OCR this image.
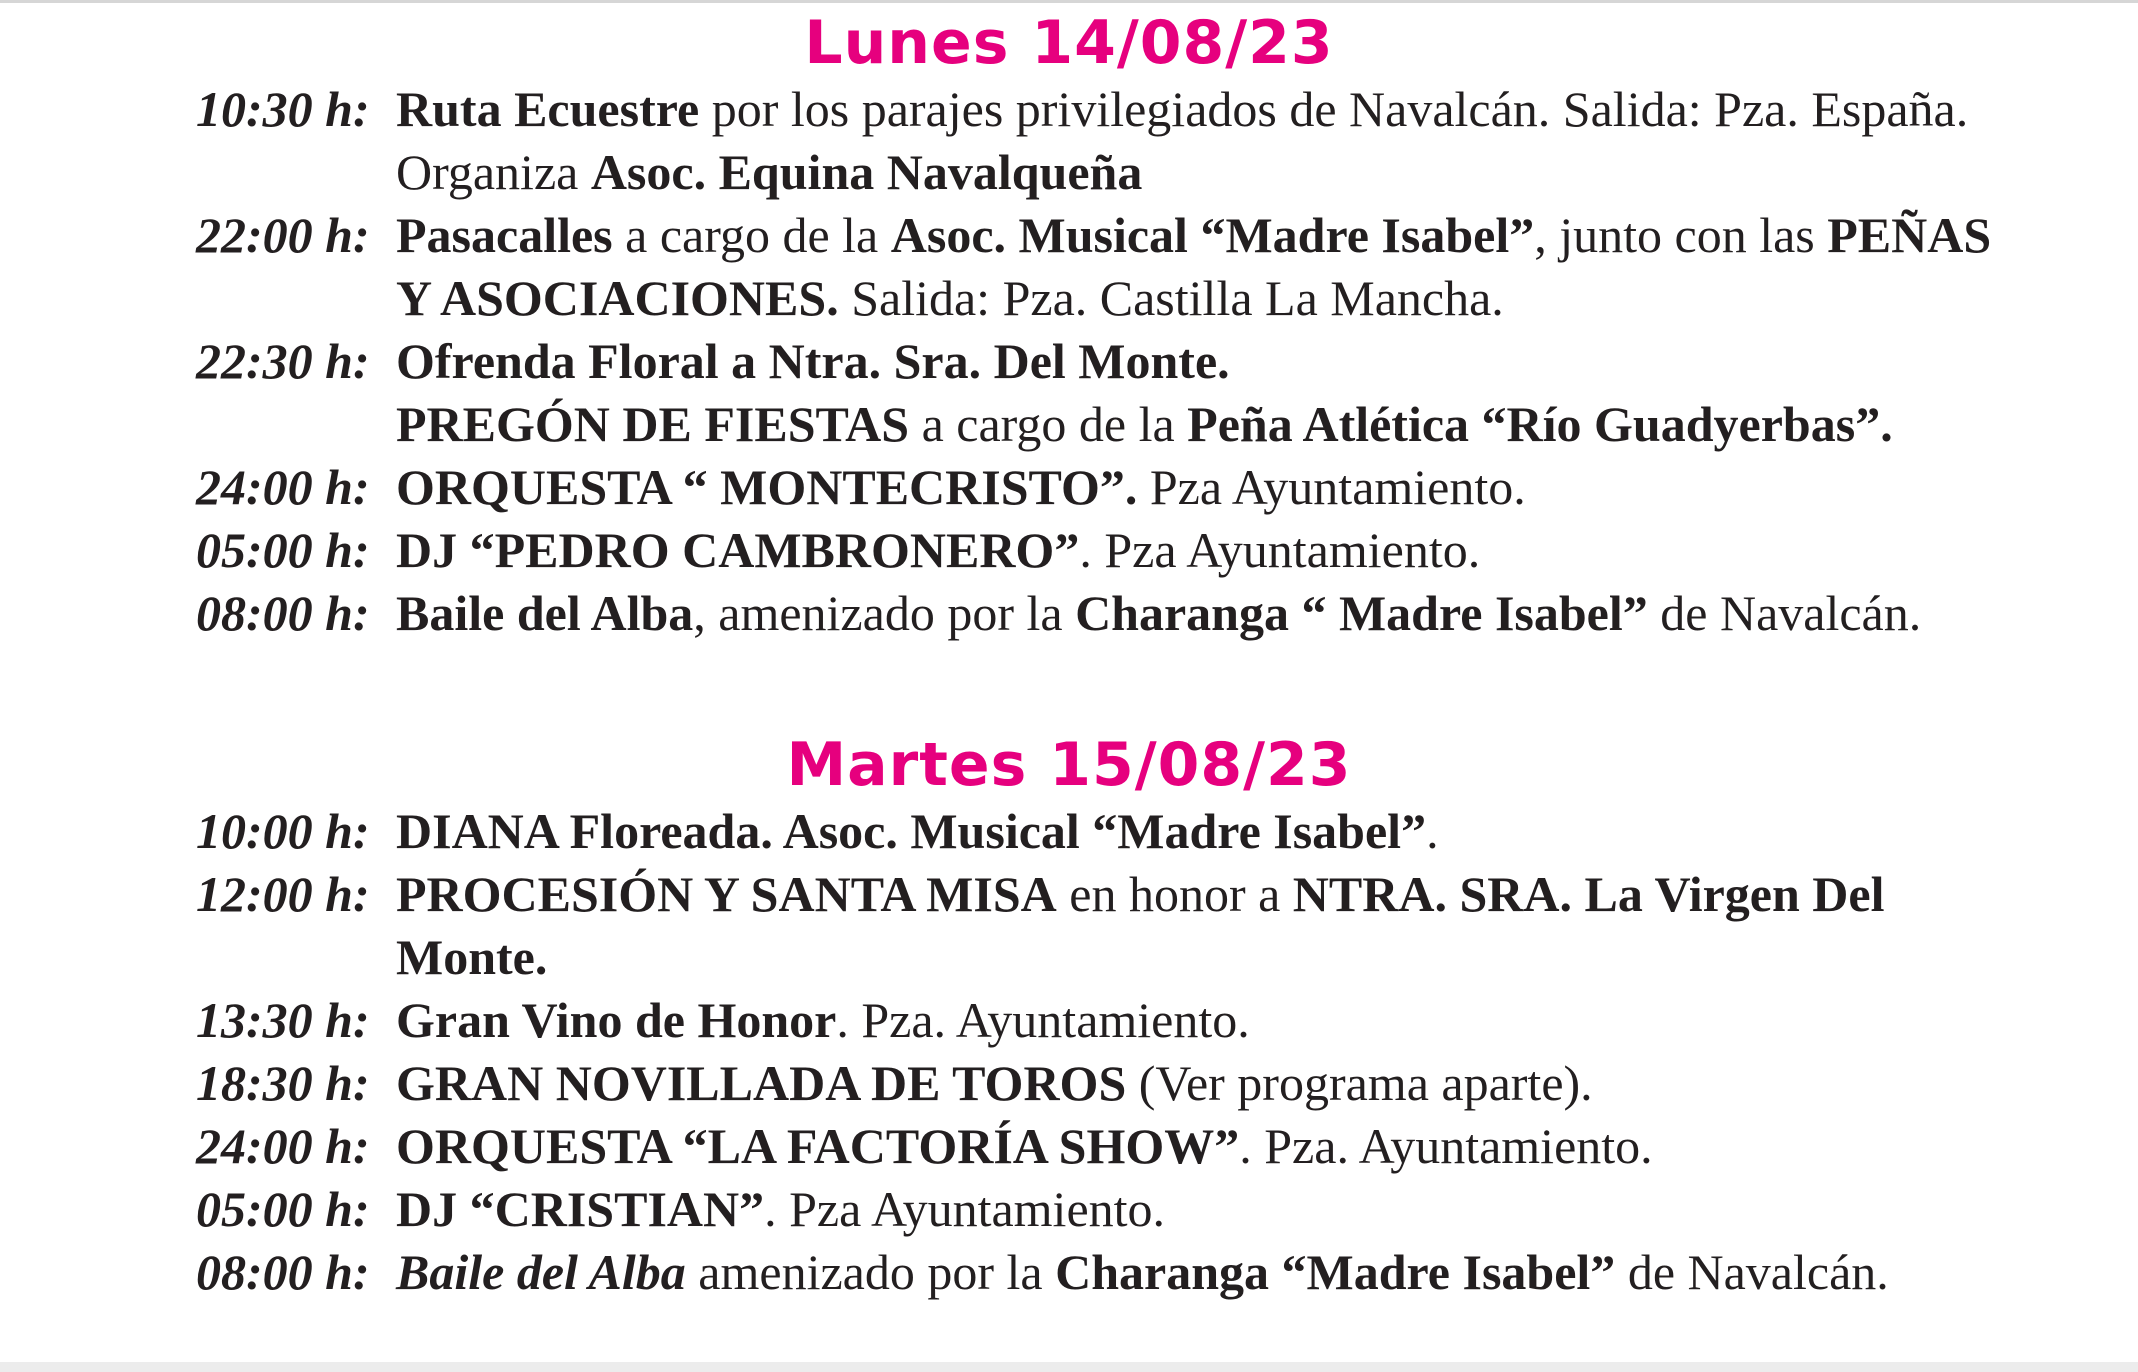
Lunes 14/08/23
10:30 h: Ruta Ecuestre por los parajes privilegiados de Navalcán. Salida: Pza. España. Organiza Asoc. Equina Navalqueña
22:00 h: Pasacalles a cargo de la Asoc. Musical “Madre Isabel”, junto con las PEÑAS Y ASOCIACIONES. Salida: Pza. Castilla La Mancha.
22:30 h: Ofrenda Floral a Ntra. Sra. Del Monte.
PREGÓN DE FIESTAS a cargo de la Peña Atlética “Río Guadyerbas”.
24:00 h: ORQUESTA “ MONTECRISTO”. Pza Ayuntamiento.
05:00 h: DJ “PEDRO CAMBRONERO”. Pza Ayuntamiento.
08:00 h: Baile del Alba, amenizado por la Charanga “ Madre Isabel” de Navalcán.
Martes 15/08/23
10:00 h: DIANA Floreada. Asoc. Musical “Madre Isabel”.
12:00 h: PROCESIÓN Y SANTA MISA en honor a NTRA. SRA. La Virgen Del Monte.
13:30 h: Gran Vino de Honor. Pza. Ayuntamiento.
18:30 h: GRAN NOVILLADA DE TOROS (Ver programa aparte).
24:00 h: ORQUESTA “LA FACTORÍA SHOW”. Pza. Ayuntamiento.
05:00 h: DJ “CRISTIAN”. Pza Ayuntamiento.
08:00 h: Baile del Alba amenizado por la Charanga “Madre Isabel” de Navalcán.
